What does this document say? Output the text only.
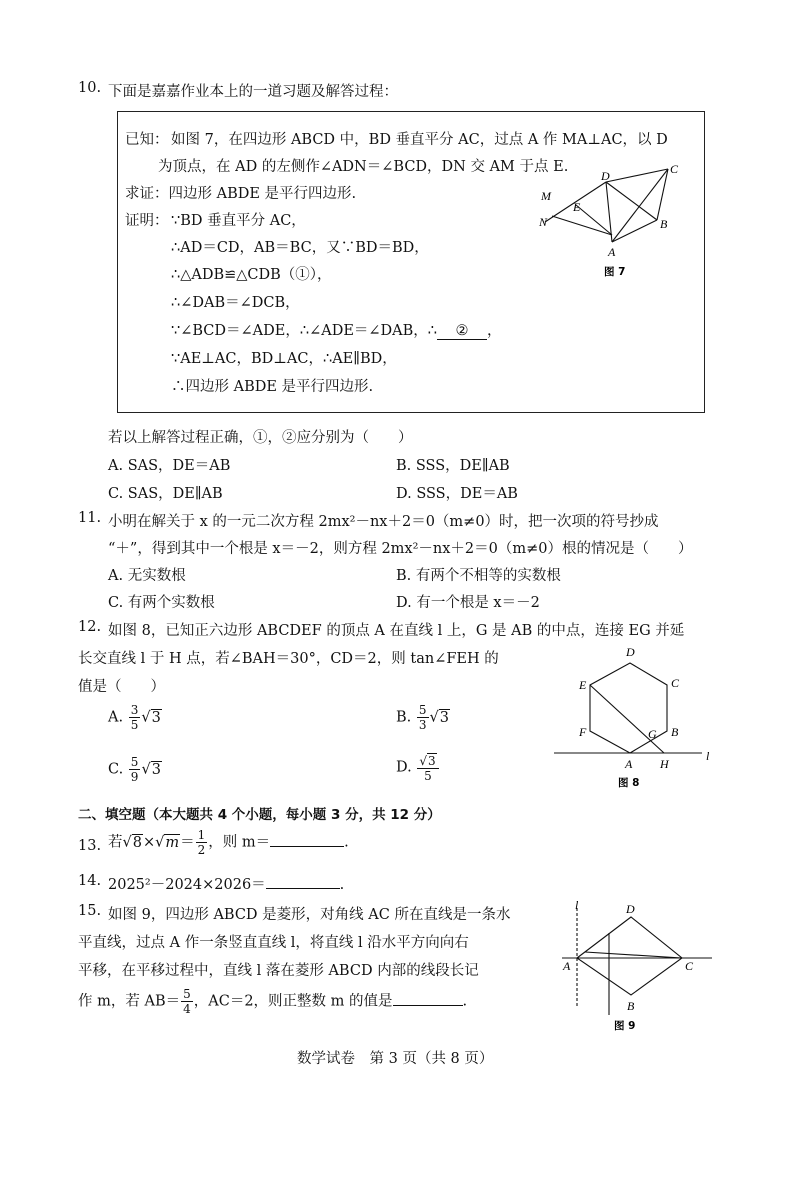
10. 下面是嘉嘉作业本上的一道习题及解答过程：
已知： 如图 7，在四边形 ABCD 中，BD 垂直平分 AC，过点 A 作 MA⊥AC，以 D
为顶点，在 AD 的左侧作∠ADN＝∠BCD，DN 交 AM 于点 E.
求证：四边形 ABDE 是平行四边形.
证明： ∵BD 垂直平分 AC，
∴AD＝CD，AB＝BC，又∵BD＝BD，
∴△ADB≌△CDB（①），
∴∠DAB＝∠DCB，
∵∠BCD＝∠ADE，∴∠ADE＝∠DAB，∴ ② ，
∵AE⊥AC，BD⊥AC，∴AE∥BD，
∴四边形 ABDE 是平行四边形.
M
N
E
D	C
B
A
图 7
若以上解答过程正确，①，②应分别为（　　）
A. SAS，DE＝AB	B. SSS，DE∥AB
C. SAS，DE∥AB	D. SSS，DE＝AB
11. 小明在解关于 x 的一元二次方程 2mx²－nx＋2＝0（m≠0）时，把一次项的符号抄成
“＋”，得到其中一个根是 x＝－2，则方程 2mx²－nx＋2＝0（m≠0）根的情况是（　　）
A. 无实数根	B. 有两个不相等的实数根
C. 有两个实数根	D. 有一个根是 x＝－2
12. 如图 8，已知正六边形 ABCDEF 的顶点 A 在直线 l 上，G 是 AB 的中点，连接 EG 并延
长交直线 l 于 H 点，若∠BAH＝30°，CD＝2，则 tan∠FEH 的
值是（　　）
A. $\frac{3}{5} √3$	B. $\frac{5}{3} √3$
C. $\frac{5}{9} √3$	D. $\frac{√3}{5}$
D
C
E
F	G B
A H
l
图 8
二、填空题（本大题共 4 个小题，每小题 3 分，共 12 分）
13. 若$√8\times√m= \frac{1}{2}$ ，则 m＝	.
14. 2025²－2024×2026＝	.
15. 如图 9，四边形 ABCD 是菱形，对角线 AC 所在直线是一条水
平直线，过点 A 作一条竖直直线 l，将直线 l 沿水平方向向右
平移，在平移过程中，直线 l 落在菱形 ABCD 内部的线段长记
作 m，若 $AB= \frac{5}{4}$ ，AC＝2，则正整数 m 的值是	.
l	D
A	C
B
图 9
数学试卷　第 3 页（共 8 页）
